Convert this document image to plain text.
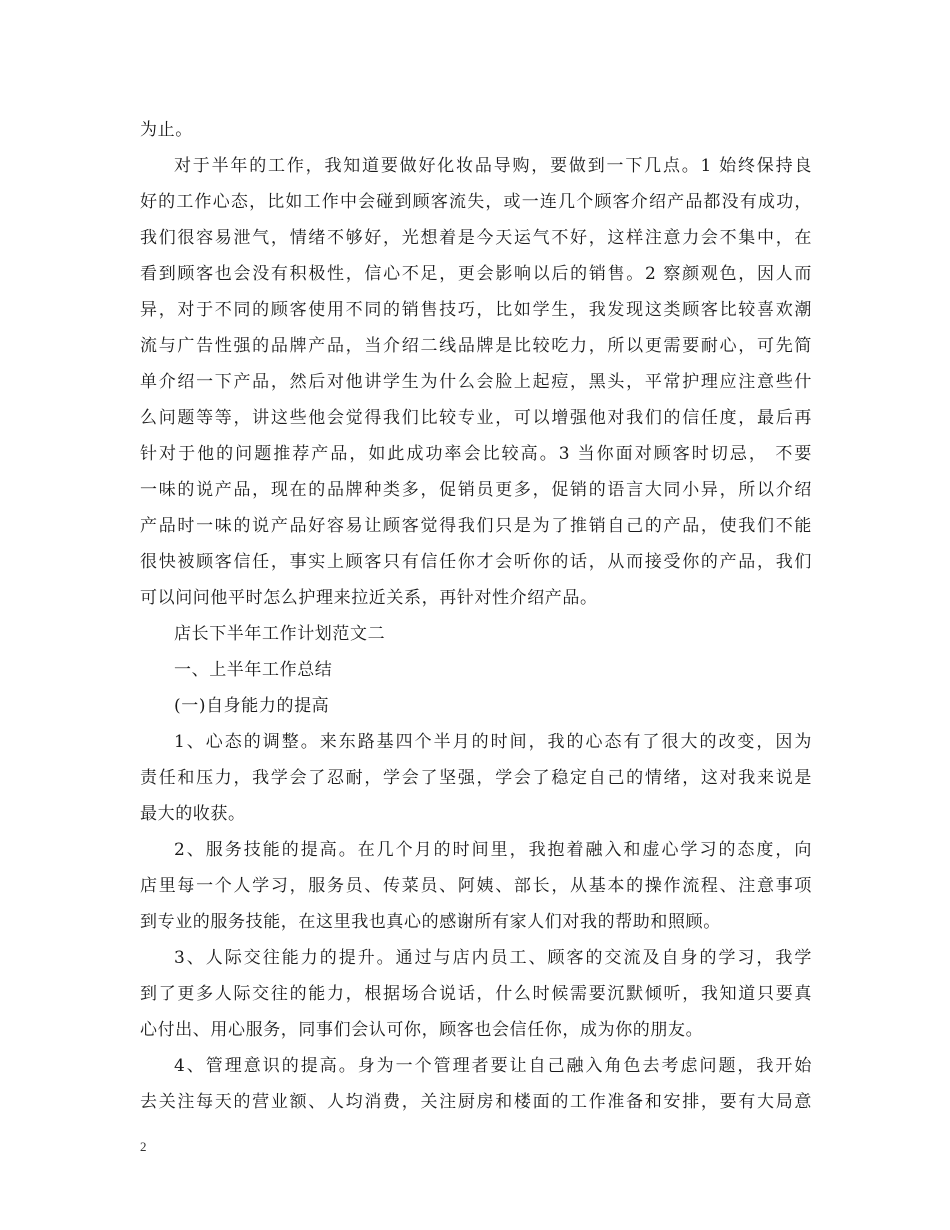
为止。
对于半年的工作，我知道要做好化妆品导购，要做到一下几点。1 始终保持良
好的工作心态，比如工作中会碰到顾客流失，或一连几个顾客介绍产品都没有成功，
我们很容易泄气，情绪不够好，光想着是今天运气不好，这样注意力会不集中，在
看到顾客也会没有积极性，信心不足，更会影响以后的销售。2 察颜观色，因人而
异，对于不同的顾客使用不同的销售技巧，比如学生，我发现这类顾客比较喜欢潮
流与广告性强的品牌产品，当介绍二线品牌是比较吃力，所以更需要耐心，可先简
单介绍一下产品，然后对他讲学生为什么会脸上起痘，黑头，平常护理应注意些什
么问题等等，讲这些他会觉得我们比较专业，可以增强他对我们的信任度，最后再
针对于他的问题推荐产品，如此成功率会比较高。3 当你面对顾客时切忌， 不要
一味的说产品，现在的品牌种类多，促销员更多，促销的语言大同小异，所以介绍
产品时一味的说产品好容易让顾客觉得我们只是为了推销自己的产品，使我们不能
很快被顾客信任，事实上顾客只有信任你才会听你的话，从而接受你的产品，我们
可以问问他平时怎么护理来拉近关系，再针对性介绍产品。
店长下半年工作计划范文二
一、上半年工作总结
(一)自身能力的提高
1、心态的调整。来东路基四个半月的时间，我的心态有了很大的改变，因为
责任和压力，我学会了忍耐，学会了坚强，学会了稳定自己的情绪，这对我来说是
最大的收获。
2、服务技能的提高。在几个月的时间里，我抱着融入和虚心学习的态度，向
店里每一个人学习，服务员、传菜员、阿姨、部长，从基本的操作流程、注意事项
到专业的服务技能，在这里我也真心的感谢所有家人们对我的帮助和照顾。
3、人际交往能力的提升。通过与店内员工、顾客的交流及自身的学习，我学
到了更多人际交往的能力，根据场合说话，什么时候需要沉默倾听，我知道只要真
心付出、用心服务，同事们会认可你，顾客也会信任你，成为你的朋友。
4、管理意识的提高。身为一个管理者要让自己融入角色去考虑问题，我开始
去关注每天的营业额、人均消费，关注厨房和楼面的工作准备和安排，要有大局意
2
